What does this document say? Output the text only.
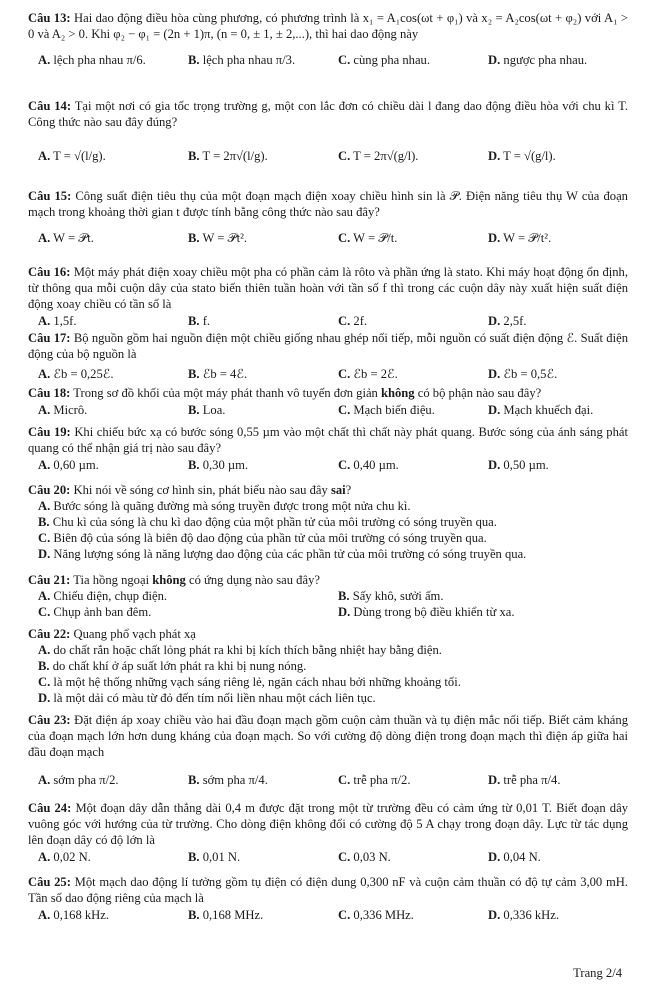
Câu 13: Hai dao động điều hòa cùng phương, có phương trình là x₁ = A₁cos(ωt + φ₁) và x₂ = A₂cos(ωt + φ₂) với A₁ > 0 và A₂ > 0. Khi φ₂ − φ₁ = (2n + 1)π, (n = 0, ± 1, ± 2,...), thì hai dao động này
A. lệch pha nhau π/6.	B. lệch pha nhau π/3.	C. cùng pha nhau.	D. ngược pha nhau.
Câu 14: Tại một nơi có gia tốc trọng trường g, một con lắc đơn có chiều dài l đang dao động điều hòa với chu kì T. Công thức nào sau đây đúng?
A. T = √(l/g).	B. T = 2π√(l/g).	C. T = 2π√(g/l).	D. T = √(g/l).
Câu 15: Công suất điện tiêu thụ của một đoạn mạch điện xoay chiều hình sin là 𝒫. Điện năng tiêu thụ W của đoạn mạch trong khoảng thời gian t được tính bằng công thức nào sau đây?
A. W = 𝒫t.	B. W = 𝒫t².	C. W = 𝒫/t.	D. W = 𝒫/t².
Câu 16: Một máy phát điện xoay chiều một pha có phần cảm là rôto và phần ứng là stato. Khi máy hoạt động ổn định, từ thông qua mỗi cuộn dây của stato biến thiên tuần hoàn với tần số f thì trong các cuộn dây này xuất hiện suất điện động xoay chiều có tần số là
A. 1,5f.	B. f.	C. 2f.	D. 2,5f.
Câu 17: Bộ nguồn gồm hai nguồn điện một chiều giống nhau ghép nối tiếp, mỗi nguồn có suất điện động ℰ. Suất điện động của bộ nguồn là
A. ℰb = 0,25ℰ.	B. ℰb = 4ℰ.	C. ℰb = 2ℰ.	D. ℰb = 0,5ℰ.
Câu 18: Trong sơ đồ khối của một máy phát thanh vô tuyến đơn giản không có bộ phận nào sau đây?
A. Micrô.	B. Loa.	C. Mạch biến điệu.	D. Mạch khuếch đại.
Câu 19: Khi chiếu bức xạ có bước sóng 0,55 µm vào một chất thì chất này phát quang. Bước sóng của ánh sáng phát quang có thể nhận giá trị nào sau đây?
A. 0,60 µm.	B. 0,30 µm.	C. 0,40 µm.	D. 0,50 µm.
Câu 20: Khi nói về sóng cơ hình sin, phát biểu nào sau đây sai?
A. Bước sóng là quãng đường mà sóng truyền được trong một nửa chu kì.
B. Chu kì của sóng là chu kì dao động của một phần tử của môi trường có sóng truyền qua.
C. Biên độ của sóng là biên độ dao động của phần tử của môi trường có sóng truyền qua.
D. Năng lượng sóng là năng lượng dao động của các phần tử của môi trường có sóng truyền qua.
Câu 21: Tia hồng ngoại không có ứng dụng nào sau đây?
A. Chiếu điện, chụp điện.	B. Sấy khô, sưởi ấm.
C. Chụp ảnh ban đêm.	D. Dùng trong bộ điều khiển từ xa.
Câu 22: Quang phổ vạch phát xạ
A. do chất rắn hoặc chất lỏng phát ra khi bị kích thích bằng nhiệt hay bằng điện.
B. do chất khí ở áp suất lớn phát ra khi bị nung nóng.
C. là một hệ thống những vạch sáng riêng lẻ, ngăn cách nhau bởi những khoảng tối.
D. là một dải có màu từ đỏ đến tím nối liền nhau một cách liên tục.
Câu 23: Đặt điện áp xoay chiều vào hai đầu đoạn mạch gồm cuộn cảm thuần và tụ điện mắc nối tiếp. Biết cảm kháng của đoạn mạch lớn hơn dung kháng của đoạn mạch. So với cường độ dòng điện trong đoạn mạch thì điện áp giữa hai đầu đoạn mạch
A. sớm pha π/2.	B. sớm pha π/4.	C. trễ pha π/2.	D. trễ pha π/4.
Câu 24: Một đoạn dây dẫn thẳng dài 0,4 m được đặt trong một từ trường đều có cảm ứng từ 0,01 T. Biết đoạn dây vuông góc với hướng của từ trường. Cho dòng điện không đổi có cường độ 5 A chạy trong đoạn dây. Lực từ tác dụng lên đoạn dây có độ lớn là
A. 0,02 N.	B. 0,01 N.	C. 0,03 N.	D. 0,04 N.
Câu 25: Một mạch dao động lí tưởng gồm tụ điện có điện dung 0,300 nF và cuộn cảm thuần có độ tự cảm 3,00 mH. Tần số dao động riêng của mạch là
A. 0,168 kHz.	B. 0,168 MHz.	C. 0,336 MHz.	D. 0,336 kHz.
Trang 2/4
